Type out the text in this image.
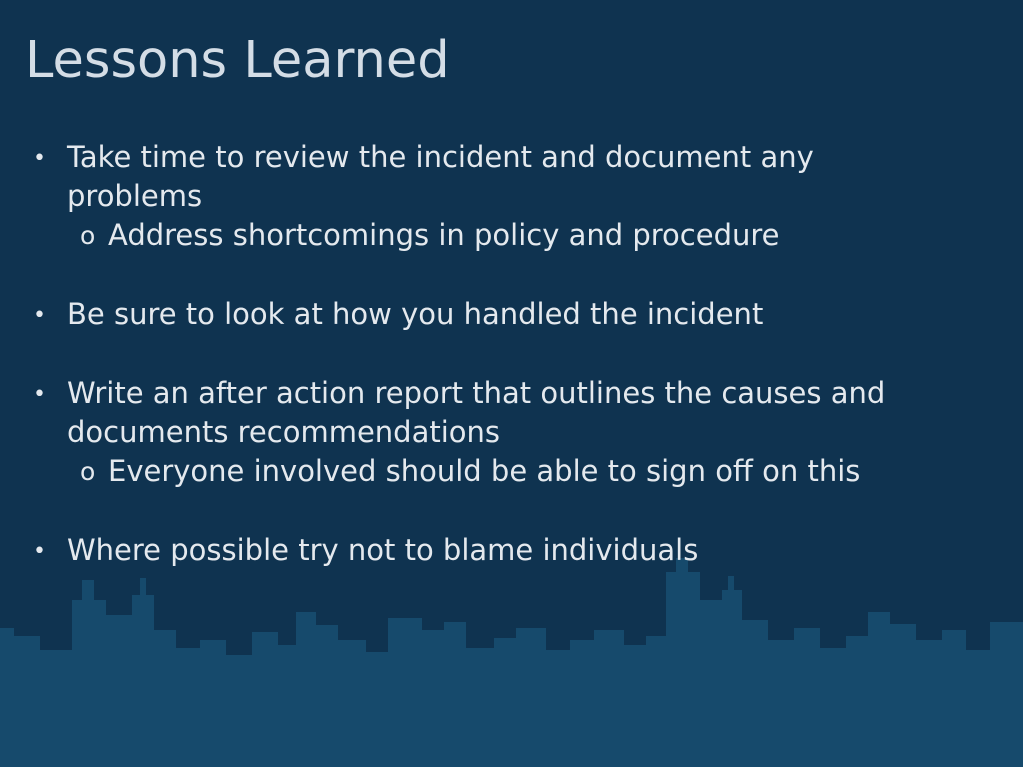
Lessons Learned
• Take time to review the incident and document any
problems
o Address shortcomings in policy and procedure
• Be sure to look at how you handled the incident
• Write an after action report that outlines the causes and
documents recommendations
o Everyone involved should be able to sign off on this
• Where possible try not to blame individuals
